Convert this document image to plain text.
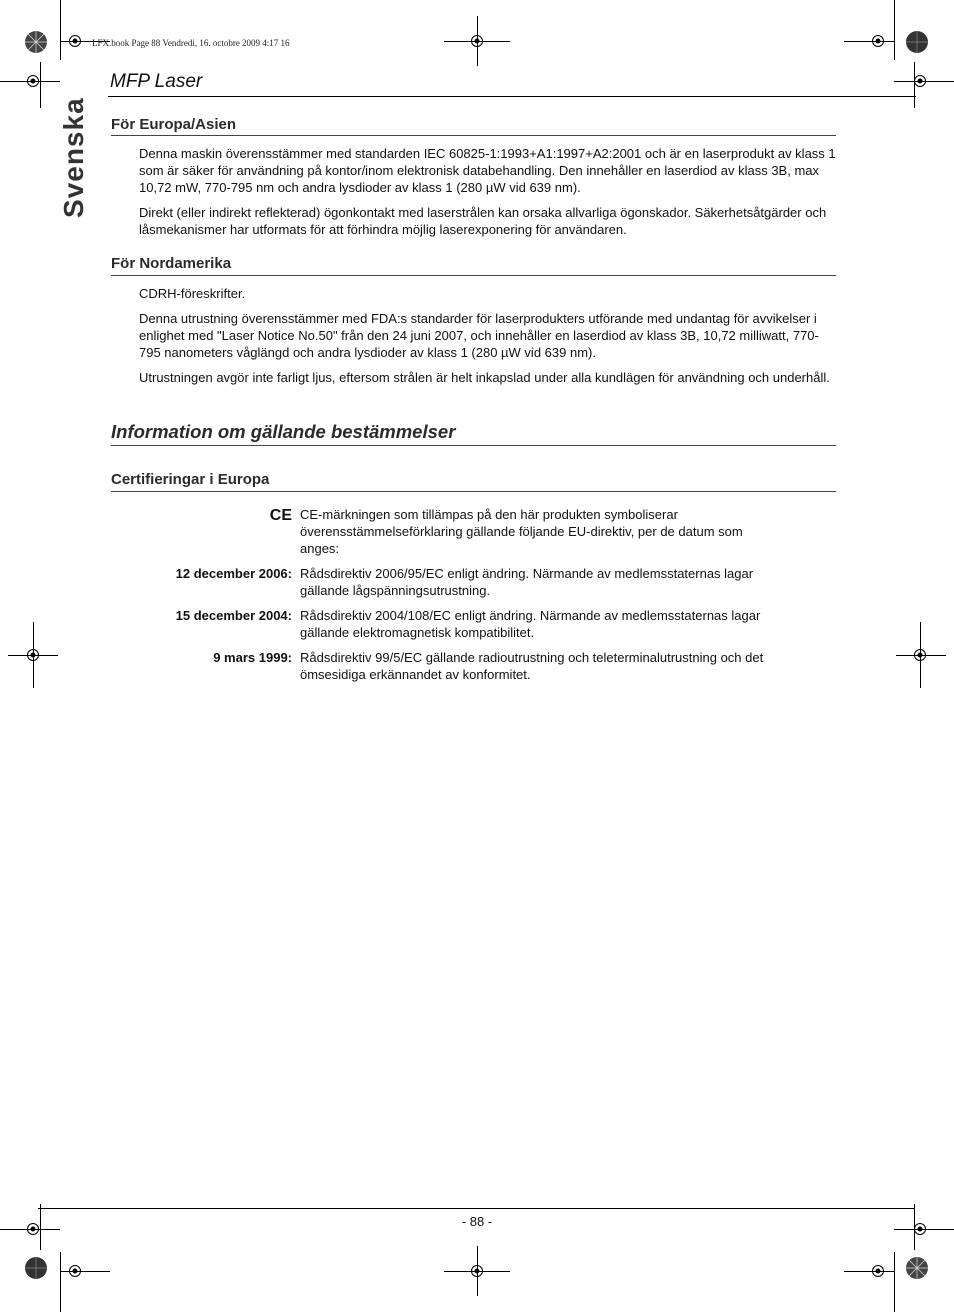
LFX.book Page 88 Vendredi, 16. octobre 2009 4:17 16
MFP Laser
Svenska För Europa/Asien
Denna maskin överensstämmer med standarden IEC 60825-1:1993+A1:1997+A2:2001 och är en laserprodukt av klass 1 som är säker för användning på kontor/inom elektronisk databehandling. Den innehåller en laserdiod av klass 3B, max 10,72 mW, 770-795 nm och andra lysdioder av klass 1 (280 µW vid 639 nm).
Direkt (eller indirekt reflekterad) ögonkontakt med laserstrålen kan orsaka allvarliga ögonskador. Säkerhetsåtgärder och låsmekanismer har utformats för att förhindra möjlig laserexponering för användaren.
För Nordamerika
CDRH-föreskrifter.
Denna utrustning överensstämmer med FDA:s standarder för laserprodukters utförande med undantag för avvikelser i enlighet med "Laser Notice No.50" från den 24 juni 2007, och innehåller en laserdiod av klass 3B, 10,72 milliwatt, 770-795 nanometers våglängd och andra lysdioder av klass 1 (280 µW vid 639 nm).
Utrustningen avgör inte farligt ljus, eftersom strålen är helt inkapslad under alla kundlägen för användning och underhåll.
Information om gällande bestämmelser
Certifieringar i Europa
CE CE-märkningen som tillämpas på den här produkten symboliserar överensstämmelseförklaring gällande följande EU-direktiv, per de datum som anges:
12 december 2006: Rådsdirektiv 2006/95/EC enligt ändring. Närmande av medlemsstaternas lagar gällande lågspänningsutrustning.
15 december 2004: Rådsdirektiv 2004/108/EC enligt ändring. Närmande av medlemsstaternas lagar gällande elektromagnetisk kompatibilitet.
9 mars 1999: Rådsdirektiv 99/5/EC gällande radioutrustning och teleterminalutrustning och det ömsesidiga erkännandet av konformitet.
- 88 -
